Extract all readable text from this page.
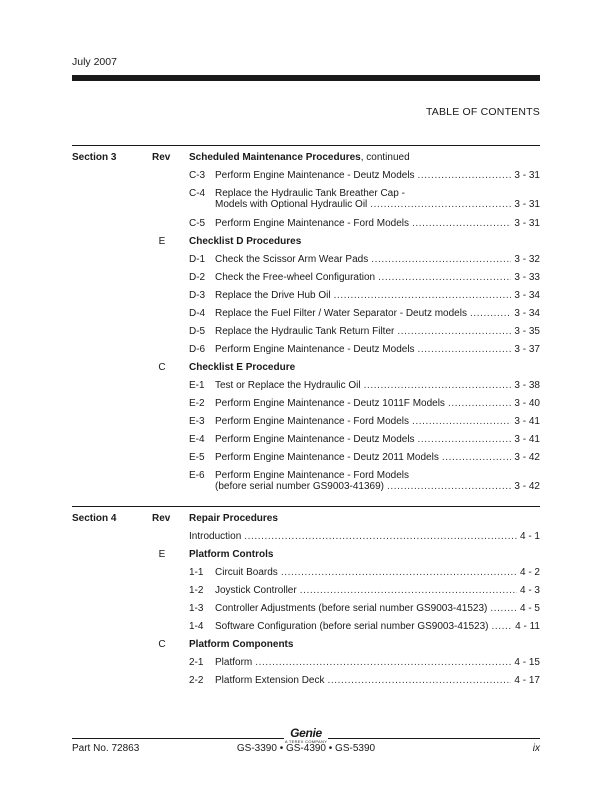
July 2007
TABLE OF CONTENTS
Section 3	Rev Scheduled Maintenance Procedures, continued
C-3 Perform Engine Maintenance - Deutz Models .....	3 - 31
C-4 Replace the Hydraulic Tank Breather Cap -
Models with Optional Hydraulic Oil .....	3 - 31
C-5 Perform Engine Maintenance - Ford Models .....	3 - 31
E	Checklist D Procedures
D-1 Check the Scissor Arm Wear Pads .....	3 - 32
D-2 Check the Free-wheel Configuration .....	3 - 33
D-3 Replace the Drive Hub Oil .....	3 - 34
D-4 Replace the Fuel Filter / Water Separator - Deutz models .....	3 - 34
D-5 Replace the Hydraulic Tank Return Filter .....	3 - 35
D-6 Perform Engine Maintenance - Deutz Models .....	3 - 37
C	Checklist E Procedure
E-1 Test or Replace the Hydraulic Oil .....	3 - 38
E-2 Perform Engine Maintenance - Deutz 1011F Models .....	3 - 40
E-3 Perform Engine Maintenance - Ford Models .....	3 - 41
E-4 Perform Engine Maintenance - Deutz Models .....	3 - 41
E-5 Perform Engine Maintenance - Deutz 2011 Models .....	3 - 42
E-6 Perform Engine Maintenance - Ford Models
(before serial number GS9003-41369) .....	3 - 42
Section 4	Rev Repair Procedures
Introduction .....	4 - 1
E	Platform Controls
1-1 Circuit Boards .....	4 - 2
1-2 Joystick Controller .....	4 - 3
1-3 Controller Adjustments (before serial number GS9003-41523) .....	4 - 5
1-4 Software Configuration (before serial number GS9003-41523) .....	4 - 11
C	Platform Components
2-1 Platform .....	4 - 15
2-2 Platform Extension Deck .....	4 - 17
Genie
A TEREX COMPANY
Part No. 72863	GS-3390 • GS-4390 • GS-5390	ix
